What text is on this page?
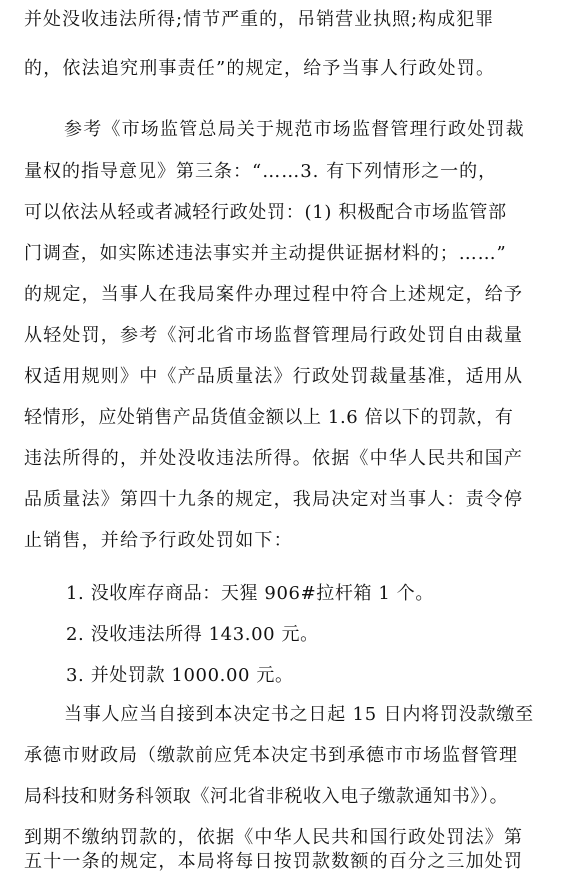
并处没收违法所得;情节严重的，吊销营业执照;构成犯罪
的，依法追究刑事责任”的规定，给予当事人行政处罚。
参考《市场监管总局关于规范市场监督管理行政处罚裁
量权的指导意见》第三条：“……3. 有下列情形之一的，
可以依法从轻或者减轻行政处罚：(1) 积极配合市场监管部
门调查，如实陈述违法事实并主动提供证据材料的；……”
的规定，当事人在我局案件办理过程中符合上述规定，给予
从轻处罚，参考《河北省市场监督管理局行政处罚自由裁量
权适用规则》中《产品质量法》行政处罚裁量基准，适用从
轻情形，应处销售产品货值金额以上 1.6 倍以下的罚款，有
违法所得的，并处没收违法所得。依据《中华人民共和国产
品质量法》第四十九条的规定，我局决定对当事人：责令停
止销售，并给予行政处罚如下：
1. 没收库存商品：天猩 906#拉杆箱 1 个。
2. 没收违法所得 143.00 元。
3. 并处罚款 1000.00 元。
当事人应当自接到本决定书之日起 15 日内将罚没款缴至
承德市财政局（缴款前应凭本决定书到承德市市场监督管理
局科技和财务科领取《河北省非税收入电子缴款通知书》）。
到期不缴纳罚款的，依据《中华人民共和国行政处罚法》第
五十一条的规定，本局将每日按罚款数额的百分之三加处罚
